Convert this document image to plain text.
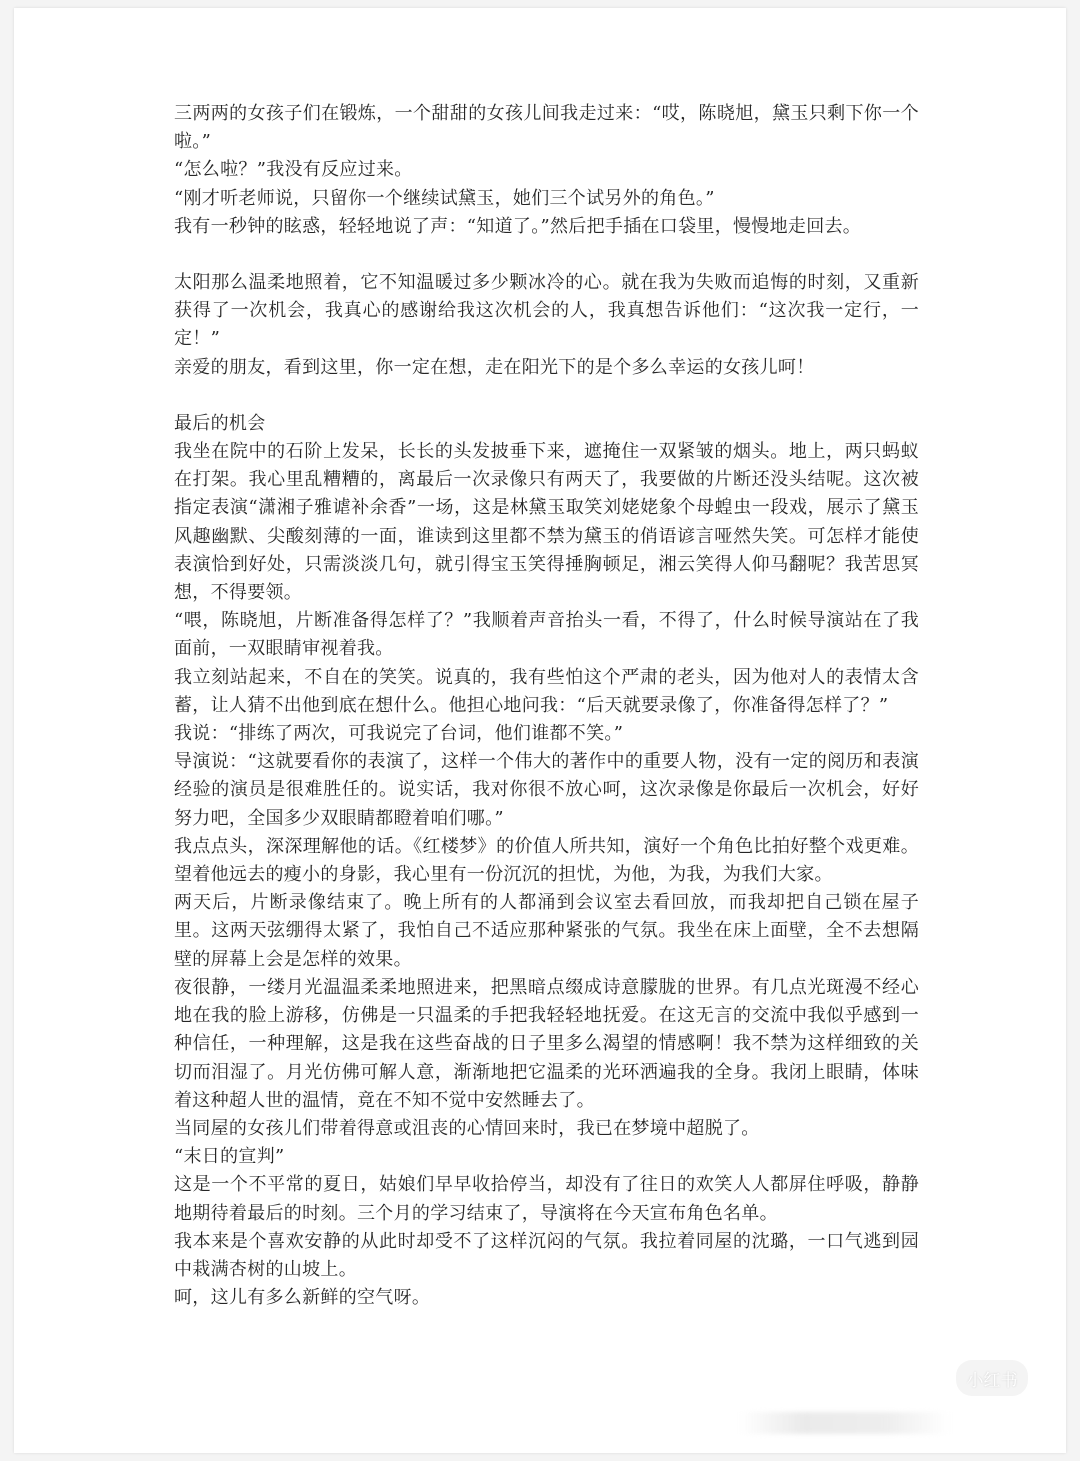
三两两的女孩子们在锻炼，一个甜甜的女孩儿间我走过来：“哎，陈晓旭，黛玉只剩下你一个啦。”

“怎么啦？”我没有反应过来。

“刚才听老师说，只留你一个继续试黛玉，她们三个试另外的角色。”

我有一秒钟的眩惑，轻轻地说了声：“知道了。”然后把手插在口袋里，慢慢地走回去。

太阳那么温柔地照着，它不知温暖过多少颗冰冷的心。就在我为失败而追悔的时刻，又重新获得了一次机会，我真心的感谢给我这次机会的人，我真想告诉他们：“这次我一定行，一定！”

亲爱的朋友，看到这里，你一定在想，走在阳光下的是个多么幸运的女孩儿呵！

最后的机会

我坐在院中的石阶上发呆，长长的头发披垂下来，遮掩住一双紧皱的烟头。地上，两只蚂蚁在打架。我心里乱糟糟的，离最后一次录像只有两天了，我要做的片断还没头结呢。这次被指定表演“潇湘子雅谑补余香”一场，这是林黛玉取笑刘姥姥象个母蝗虫一段戏，展示了黛玉风趣幽默、尖酸刻薄的一面，谁读到这里都不禁为黛玉的俏语谚言哑然失笑。可怎样才能使表演恰到好处，只需淡淡几句，就引得宝玉笑得捶胸顿足，湘云笑得人仰马翻呢？我苦思冥想，不得要领。

“喂，陈晓旭，片断准备得怎样了？”我顺着声音抬头一看，不得了，什么时候导演站在了我面前，一双眼睛审视着我。

我立刻站起来，不自在的笑笑。说真的，我有些怕这个严肃的老头，因为他对人的表情太含蓄，让人猜不出他到底在想什么。他担心地问我：“后天就要录像了，你准备得怎样了？”

我说：“排练了两次，可我说完了台词，他们谁都不笑。”

导演说：“这就要看你的表演了，这样一个伟大的著作中的重要人物，没有一定的阅历和表演经验的演员是很难胜任的。说实话，我对你很不放心呵，这次录像是你最后一次机会，好好努力吧，全国多少双眼睛都瞪着咱们哪。”

我点点头，深深理解他的话。《红楼梦》的价值人所共知，演好一个角色比拍好整个戏更难。望着他远去的瘦小的身影，我心里有一份沉沉的担忧，为他，为我，为我们大家。

两天后，片断录像结束了。晚上所有的人都涌到会议室去看回放，而我却把自己锁在屋子里。这两天弦绷得太紧了，我怕自己不适应那种紧张的气氛。我坐在床上面壁，全不去想隔壁的屏幕上会是怎样的效果。

夜很静，一缕月光温温柔柔地照进来，把黑暗点缀成诗意朦胧的世界。有几点光斑漫不经心地在我的脸上游移，仿佛是一只温柔的手把我轻轻地抚爱。在这无言的交流中我似乎感到一种信任，一种理解，这是我在这些奋战的日子里多么渴望的情感啊！我不禁为这样细致的关切而泪湿了。月光仿佛可解人意，渐渐地把它温柔的光环洒遍我的全身。我闭上眼睛，体味着这种超人世的温情，竟在不知不觉中安然睡去了。

当同屋的女孩儿们带着得意或沮丧的心情回来时，我已在梦境中超脱了。

“末日的宣判”

这是一个不平常的夏日，姑娘们早早收拾停当，却没有了往日的欢笑人人都屏住呼吸，静静地期待着最后的时刻。三个月的学习结束了，导演将在今天宣布角色名单。

我本来是个喜欢安静的从此时却受不了这样沉闷的气氛。我拉着同屋的沈璐，一口气逃到园中栽满杏树的山坡上。

呵，这儿有多么新鲜的空气呀。

小红书
